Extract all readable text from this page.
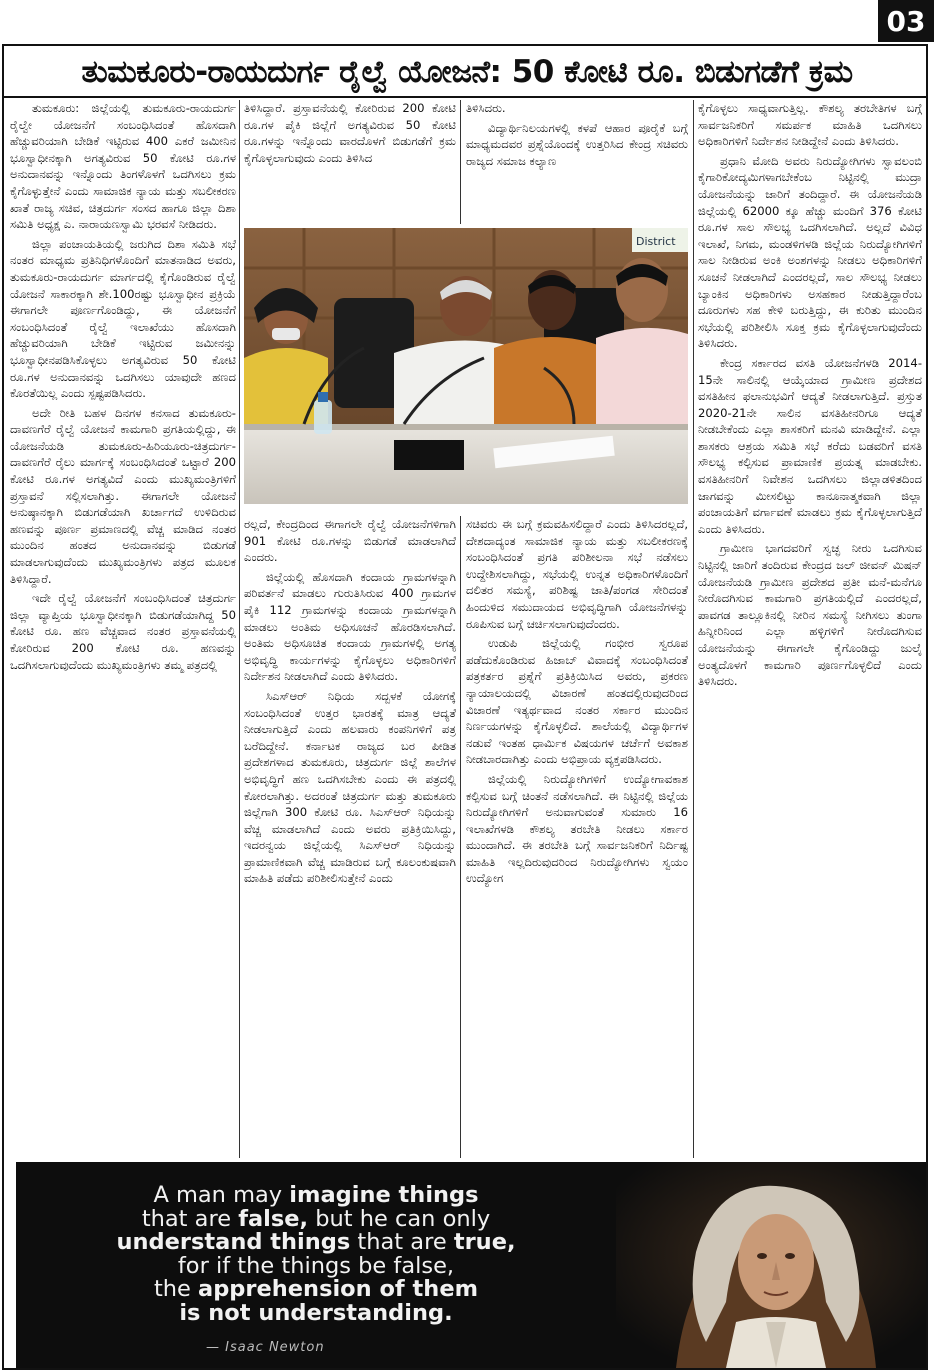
03
ತುಮಕೂರು-ರಾಯದುರ್ಗ ರೈಲ್ವೆ ಯೋಜನೆ: 50 ಕೋಟಿ ರೂ. ಬಿಡುಗಡೆಗೆ ಕ್ರಮ

ತುಮಕೂರು: ಜಿಲ್ಲೆಯಲ್ಲಿ ತುಮಕೂರು-ರಾಯದುರ್ಗ ರೈಲ್ವೇ ಯೋಜನೆಗೆ ಸಂಬಂಧಿಸಿದಂತೆ ಹೊಸದಾಗಿ ಹೆಚ್ಚುವರಿಯಾಗಿ ಬೇಡಿಕೆ ಇಟ್ಟಿರುವ 400 ಎಕರೆ ಜಮೀನಿನ ಭೂಸ್ವಾಧೀನಕ್ಕಾಗಿ ಅಗತ್ಯವಿರುವ 50 ಕೋಟಿ ರೂ.ಗಳ ಅನುದಾನವನ್ನು ಇನ್ನೊಂದು ತಿಂಗಳೊಳಗೆ ಒದಗಿಸಲು ಕ್ರಮ ಕೈಗೊಳ್ಳುತ್ತೇನೆ ಎಂದು ಸಾಮಾಜಿಕ ನ್ಯಾಯ ಮತ್ತು ಸಬಲೀಕರಣ ಖಾತೆ ರಾಜ್ಯ ಸಚಿವ, ಚಿತ್ರದುರ್ಗ ಸಂಸದ ಹಾಗೂ ಜಿಲ್ಲಾ ದಿಶಾ ಸಮಿತಿ ಅಧ್ಯಕ್ಷ ಎ. ನಾರಾಯಣಸ್ವಾಮಿ ಭರವಸೆ ನೀಡಿದರು.

ಜಿಲ್ಲಾ ಪಂಚಾಯತಿಯಲ್ಲಿ ಜರುಗಿದ ದಿಶಾ ಸಮಿತಿ ಸಭೆ ನಂತರ ಮಾಧ್ಯಮ ಪ್ರತಿನಿಧಿಗಳೊಂದಿಗೆ ಮಾತನಾಡಿದ ಅವರು, ತುಮಕೂರು-ರಾಯದುರ್ಗ ಮಾರ್ಗದಲ್ಲಿ ಕೈಗೊಂಡಿರುವ ರೈಲ್ವೆ ಯೋಜನೆ ಸಾಕಾರಕ್ಕಾಗಿ ಶೇ.100ರಷ್ಟು ಭೂಸ್ವಾಧೀನ ಪ್ರಕ್ರಿಯೆ ಈಗಾಗಲೇ ಪೂರ್ಣಗೊಂಡಿದ್ದು, ಈ ಯೋಜನೆಗೆ ಸಂಬಂಧಿಸಿದಂತೆ ರೈಲ್ವೆ ಇಲಾಖೆಯು ಹೊಸದಾಗಿ ಹೆಚ್ಚುವರಿಯಾಗಿ ಬೇಡಿಕೆ ಇಟ್ಟಿರುವ ಜಮೀನನ್ನು ಭೂಸ್ವಾಧೀನಪಡಿಸಿಕೊಳ್ಳಲು ಅಗತ್ಯವಿರುವ 50 ಕೋಟಿ ರೂ.ಗಳ ಅನುದಾನವನ್ನು ಒದಗಿಸಲು ಯಾವುದೇ ಹಣದ ಕೊರತೆಯಿಲ್ಲ ಎಂದು ಸ್ಪಷ್ಟಪಡಿಸಿದರು.

ಅದೇ ರೀತಿ ಬಹಳ ದಿನಗಳ ಕನಸಾದ ತುಮಕೂರು-ದಾವಣಗೆರೆ ರೈಲ್ವೆ ಯೋಜನೆ ಕಾಮಗಾರಿ ಪ್ರಗತಿಯಲ್ಲಿದ್ದು, ಈ ಯೋಜನೆಯಡಿ ತುಮಕೂರು-ಹಿರಿಯೂರು-ಚಿತ್ರದುರ್ಗ-ದಾವಣಗೆರೆ ರೈಲು ಮಾರ್ಗಕ್ಕೆ ಸಂಬಂಧಿಸಿದಂತೆ ಒಟ್ಟಾರೆ 200 ಕೋಟಿ ರೂ.ಗಳ ಅಗತ್ಯವಿದೆ ಎಂದು ಮುಖ್ಯಮಂತ್ರಿಗಳಿಗೆ ಪ್ರಸ್ತಾವನೆ ಸಲ್ಲಿಸಲಾಗಿತ್ತು. ಈಗಾಗಲೇ ಯೋಜನೆ ಅನುಷ್ಠಾನಕ್ಕಾಗಿ ಬಿಡುಗಡೆಯಾಗಿ ಖರ್ಚಾಗದೆ ಉಳಿದಿರುವ ಹಣವನ್ನು ಪೂರ್ಣ ಪ್ರಮಾಣದಲ್ಲಿ ವೆಚ್ಚ ಮಾಡಿದ ನಂತರ ಮುಂದಿನ ಹಂತದ ಅನುದಾನವನ್ನು ಬಿಡುಗಡೆ ಮಾಡಲಾಗುವುದೆಂದು ಮುಖ್ಯಮಂತ್ರಿಗಳು ಪತ್ರದ ಮೂಲಕ ತಿಳಿಸಿದ್ದಾರೆ.

ಇದೇ ರೈಲ್ವೆ ಯೋಜನೆಗೆ ಸಂಬಂಧಿಸಿದಂತೆ ಚಿತ್ರದುರ್ಗ ಜಿಲ್ಲಾ ವ್ಯಾಪ್ತಿಯ ಭೂಸ್ವಾಧೀನಕ್ಕಾಗಿ ಬಿಡುಗಡೆಯಾಗಿದ್ದ 50 ಕೋಟಿ ರೂ. ಹಣ ವೆಚ್ಚವಾದ ನಂತರ ಪ್ರಸ್ತಾವನೆಯಲ್ಲಿ ಕೋರಿರುವ 200 ಕೋಟಿ ರೂ. ಹಣವನ್ನು ಒದಗಿಸಲಾಗುವುದೆಂದು ಮುಖ್ಯಮಂತ್ರಿಗಳು ತಮ್ಮ ಪತ್ರದಲ್ಲಿ

ತಿಳಿಸಿದ್ದಾರೆ. ಪ್ರಸ್ತಾವನೆಯಲ್ಲಿ ಕೋರಿರುವ 200 ಕೋಟಿ ರೂ.ಗಳ ಪೈಕಿ ಜಿಲ್ಲೆಗೆ ಅಗತ್ಯವಿರುವ 50 ಕೋಟಿ ರೂ.ಗಳನ್ನು ಇನ್ನೊಂದು ವಾರದೊಳಗೆ ಬಿಡುಗಡೆಗೆ ಕ್ರಮ ಕೈಗೊಳ್ಳಲಾಗುವುದು ಎಂದು ತಿಳಿಸಿದ

ತಿಳಿಸಿದರು.

ವಿದ್ಯಾರ್ಥಿನಿಲಯಗಳಲ್ಲಿ ಕಳಪೆ ಆಹಾರ ಪೂರೈಕೆ ಬಗ್ಗೆ ಮಾಧ್ಯಮದವರ ಪ್ರಶ್ನೆಯೊಂದಕ್ಕೆ ಉತ್ತರಿಸಿದ ಕೇಂದ್ರ ಸಚಿವರು ರಾಜ್ಯದ ಸಮಾಜ ಕಲ್ಯಾಣ

District

ರಲ್ಲದೆ, ಕೇಂದ್ರದಿಂದ ಈಗಾಗಲೇ ರೈಲ್ವೆ ಯೋಜನೆಗಳಿಗಾಗಿ 901 ಕೋಟಿ ರೂ.ಗಳನ್ನು ಬಿಡುಗಡೆ ಮಾಡಲಾಗಿದೆ ಎಂದರು.

ಜಿಲ್ಲೆಯಲ್ಲಿ ಹೊಸದಾಗಿ ಕಂದಾಯ ಗ್ರಾಮಗಳನ್ನಾಗಿ ಪರಿವರ್ತನೆ ಮಾಡಲು ಗುರುತಿಸಿರುವ 400 ಗ್ರಾಮಗಳ ಪೈಕಿ 112 ಗ್ರಾಮಗಳನ್ನು ಕಂದಾಯ ಗ್ರಾಮಗಳನ್ನಾಗಿ ಮಾಡಲು ಅಂತಿಮ ಅಧಿಸೂಚನೆ ಹೊರಡಿಸಲಾಗಿದೆ. ಅಂತಿಮ ಅಧಿಸೂಚಿತ ಕಂದಾಯ ಗ್ರಾಮಗಳಲ್ಲಿ ಅಗತ್ಯ ಅಭಿವೃದ್ಧಿ ಕಾರ್ಯಗಳನ್ನು ಕೈಗೊಳ್ಳಲು ಅಧಿಕಾರಿಗಳಿಗೆ ನಿರ್ದೇಶನ ನೀಡಲಾಗಿದೆ ಎಂದು ತಿಳಿಸಿದರು.

ಸಿಎಸ್‌ಆರ್ ನಿಧಿಯ ಸದ್ಬಳಕೆ ಯೋಗಕ್ಕೆ ಸಂಬಂಧಿಸಿದಂತೆ ಉತ್ತರ ಭಾರತಕ್ಕೆ ಮಾತ್ರ ಆದ್ಯತೆ ನೀಡಲಾಗುತ್ತಿದೆ ಎಂದು ಹಲವಾರು ಕಂಪನಿಗಳಿಗೆ ಪತ್ರ ಬರೆದಿದ್ದೇನೆ. ಕರ್ನಾಟಕ ರಾಜ್ಯದ ಬರ ಪೀಡಿತ ಪ್ರದೇಶಗಳಾದ ತುಮಕೂರು, ಚಿತ್ರದುರ್ಗ ಜಿಲ್ಲೆ ಶಾಲೆಗಳ ಅಭಿವೃದ್ಧಿಗೆ ಹಣ ಒದಗಿಸಬೇಕು ಎಂದು ಈ ಪತ್ರದಲ್ಲಿ ಕೋರಲಾಗಿತ್ತು. ಅದರಂತೆ ಚಿತ್ರದುರ್ಗ ಮತ್ತು ತುಮಕೂರು ಜಿಲ್ಲೆಗಾಗಿ 300 ಕೋಟಿ ರೂ. ಸಿಎಸ್‌ಆರ್ ನಿಧಿಯನ್ನು ವೆಚ್ಚ ಮಾಡಲಾಗಿದೆ ಎಂದು ಅವರು ಪ್ರತಿಕ್ರಿಯಿಸಿದ್ದು, ಇದರನ್ವಯ ಜಿಲ್ಲೆಯಲ್ಲಿ ಸಿಎಸ್‌ಆರ್ ನಿಧಿಯನ್ನು ಪ್ರಾಮಾಣಿಕವಾಗಿ ವೆಚ್ಚ ಮಾಡಿರುವ ಬಗ್ಗೆ ಕೂಲಂಕುಷವಾಗಿ ಮಾಹಿತಿ ಪಡೆದು ಪರಿಶೀಲಿಸುತ್ತೇನೆ ಎಂದು

ಸಚಿವರು ಈ ಬಗ್ಗೆ ಕ್ರಮವಹಿಸಲಿದ್ದಾರೆ ಎಂದು ತಿಳಿಸಿದರಲ್ಲದೆ, ದೇಶದಾದ್ಯಂತ ಸಾಮಾಜಿಕ ನ್ಯಾಯ ಮತ್ತು ಸಬಲೀಕರಣಕ್ಕೆ ಸಂಬಂಧಿಸಿದಂತೆ ಪ್ರಗತಿ ಪರಿಶೀಲನಾ ಸಭೆ ನಡೆಸಲು ಉದ್ದೇಶಿಸಲಾಗಿದ್ದು, ಸಭೆಯಲ್ಲಿ ಉನ್ನತ ಅಧಿಕಾರಿಗಳೊಂದಿಗೆ ದಲಿತರ ಸಮಸ್ಯೆ, ಪರಿಶಿಷ್ಟ ಜಾತಿ/ಪಂಗಡ ಸೇರಿದಂತೆ ಹಿಂದುಳಿದ ಸಮುದಾಯದ ಅಭಿವೃದ್ಧಿಗಾಗಿ ಯೋಜನೆಗಳನ್ನು ರೂಪಿಸುವ ಬಗ್ಗೆ ಚರ್ಚಿಸಲಾಗುವುದೆಂದರು.

ಉಡುಪಿ ಜಿಲ್ಲೆಯಲ್ಲಿ ಗಂಭೀರ ಸ್ವರೂಪ ಪಡೆದುಕೊಂಡಿರುವ ಹಿಜಾಬ್ ವಿವಾದಕ್ಕೆ ಸಂಬಂಧಿಸಿದಂತೆ ಪತ್ರಕರ್ತರ ಪ್ರಶ್ನೆಗೆ ಪ್ರತಿಕ್ರಿಯಿಸಿದ ಅವರು, ಪ್ರಕರಣ ನ್ಯಾಯಾಲಯದಲ್ಲಿ ವಿಚಾರಣೆ ಹಂತದಲ್ಲಿರುವುದರಿಂದ ವಿಚಾರಣೆ ಇತ್ಯರ್ಥವಾದ ನಂತರ ಸರ್ಕಾರ ಮುಂದಿನ ನಿರ್ಣಯಗಳನ್ನು ಕೈಗೊಳ್ಳಲಿದೆ. ಶಾಲೆಯಲ್ಲಿ ವಿದ್ಯಾರ್ಥಿಗಳ ನಡುವೆ ಇಂತಹ ಧಾರ್ಮಿಕ ವಿಷಯಗಳ ಚರ್ಚೆಗೆ ಅವಕಾಶ ನೀಡಬಾರದಾಗಿತ್ತು ಎಂದು ಅಭಿಪ್ರಾಯ ವ್ಯಕ್ತಪಡಿಸಿದರು.

ಜಿಲ್ಲೆಯಲ್ಲಿ ನಿರುದ್ಯೋಗಿಗಳಿಗೆ ಉದ್ಯೋಗಾವಕಾಶ ಕಲ್ಪಿಸುವ ಬಗ್ಗೆ ಚಿಂತನೆ ನಡೆಸಲಾಗಿದೆ. ಈ ನಿಟ್ಟಿನಲ್ಲಿ ಜಿಲ್ಲೆಯ ನಿರುದ್ಯೋಗಿಗಳಿಗೆ ಅನುವಾಗುವಂತೆ ಸುಮಾರು 16 ಇಲಾಖೆಗಳಡಿ ಕೌಶಲ್ಯ ತರಬೇತಿ ನೀಡಲು ಸರ್ಕಾರ ಮುಂದಾಗಿದೆ. ಈ ತರಬೇತಿ ಬಗ್ಗೆ ಸಾರ್ವಜನಿಕರಿಗೆ ನಿರ್ದಿಷ್ಟ ಮಾಹಿತಿ ಇಲ್ಲದಿರುವುದರಿಂದ ನಿರುದ್ಯೋಗಿಗಳು ಸ್ವಯಂ ಉದ್ಯೋಗ

ಕೈಗೊಳ್ಳಲು ಸಾಧ್ಯವಾಗುತ್ತಿಲ್ಲ. ಕೌಶಲ್ಯ ತರಬೇತಿಗಳ ಬಗ್ಗೆ ಸಾರ್ವಜನಿಕರಿಗೆ ಸಮರ್ಪಕ ಮಾಹಿತಿ ಒದಗಿಸಲು ಅಧಿಕಾರಿಗಳಿಗೆ ನಿರ್ದೇಶನ ನೀಡಿದ್ದೇನೆ ಎಂದು ತಿಳಿಸಿದರು.

ಪ್ರಧಾನಿ ಮೋದಿ ಅವರು ನಿರುದ್ಯೋಗಿಗಳು ಸ್ವಾವಲಂಬಿ ಕೈಗಾರಿಕೋದ್ಯಮಿಗಳಾಗಬೇಕೆಂಬ ನಿಟ್ಟಿನಲ್ಲಿ ಮುದ್ರಾ ಯೋಜನೆಯನ್ನು ಜಾರಿಗೆ ತಂದಿದ್ದಾರೆ. ಈ ಯೋಜನೆಯಡಿ ಜಿಲ್ಲೆಯಲ್ಲಿ 62000 ಕ್ಕೂ ಹೆಚ್ಚು ಮಂದಿಗೆ 376 ಕೋಟಿ ರೂ.ಗಳ ಸಾಲ ಸೌಲಭ್ಯ ಒದಗಿಸಲಾಗಿದೆ. ಅಲ್ಲದೆ ವಿವಿಧ ಇಲಾಖೆ, ನಿಗಮ, ಮಂಡಳಿಗಳಡಿ ಜಿಲ್ಲೆಯ ನಿರುದ್ಯೋಗಿಗಳಿಗೆ ಸಾಲ ನೀಡಿರುವ ಅಂಕಿ ಅಂಶಗಳನ್ನು ನೀಡಲು ಅಧಿಕಾರಿಗಳಿಗೆ ಸೂಚನೆ ನೀಡಲಾಗಿದೆ ಎಂದರಲ್ಲದೆ, ಸಾಲ ಸೌಲಭ್ಯ ನೀಡಲು ಬ್ಯಾಂಕಿನ ಅಧಿಕಾರಿಗಳು ಅಸಹಕಾರ ನೀಡುತ್ತಿದ್ದಾರೆಂಬ ದೂರುಗಳು ಸಹ ಕೇಳಿ ಬರುತ್ತಿದ್ದು, ಈ ಕುರಿತು ಮುಂದಿನ ಸಭೆಯಲ್ಲಿ ಪರಿಶೀಲಿಸಿ ಸೂಕ್ತ ಕ್ರಮ ಕೈಗೊಳ್ಳಲಾಗುವುದೆಂದು ತಿಳಿಸಿದರು.

ಕೇಂದ್ರ ಸರ್ಕಾರದ ವಸತಿ ಯೋಜನೆಗಳಡಿ 2014-15ನೇ ಸಾಲಿನಲ್ಲಿ ಆಯ್ಕೆಯಾದ ಗ್ರಾಮೀಣ ಪ್ರದೇಶದ ವಸತಿಹೀನ ಫಲಾನುಭವಿಗೆ ಆದ್ಯತೆ ನೀಡಲಾಗುತ್ತಿದೆ. ಪ್ರಸ್ತುತ 2020-21ನೇ ಸಾಲಿನ ವಸತಿಹೀನರಿಗೂ ಆದ್ಯತೆ ನೀಡಬೇಕೆಂದು ಎಲ್ಲಾ ಶಾಸಕರಿಗೆ ಮನವಿ ಮಾಡಿದ್ದೇನೆ. ಎಲ್ಲಾ ಶಾಸಕರು ಆಶ್ರಯ ಸಮಿತಿ ಸಭೆ ಕರೆದು ಬಡವರಿಗೆ ವಸತಿ ಸೌಲಭ್ಯ ಕಲ್ಪಿಸುವ ಪ್ರಾಮಾಣಿಕ ಪ್ರಯತ್ನ ಮಾಡಬೇಕು. ವಸತಿಹೀನರಿಗೆ ನಿವೇಶನ ಒದಗಿಸಲು ಜಿಲ್ಲಾಡಳಿತದಿಂದ ಜಾಗವನ್ನು ಮೀಸಲಿಟ್ಟು ಕಾನೂನಾತ್ಮಕವಾಗಿ ಜಿಲ್ಲಾ ಪಂಚಾಯತಿಗೆ ವರ್ಗಾವಣೆ ಮಾಡಲು ಕ್ರಮ ಕೈಗೊಳ್ಳಲಾಗುತ್ತಿದೆ ಎಂದು ತಿಳಿಸಿದರು.

ಗ್ರಾಮೀಣ ಭಾಗದವರಿಗೆ ಸ್ವಚ್ಛ ನೀರು ಒದಗಿಸುವ ನಿಟ್ಟಿನಲ್ಲಿ ಜಾರಿಗೆ ತಂದಿರುವ ಕೇಂದ್ರದ ಜಲ್ ಜೀವನ್ ಮಿಷನ್ ಯೋಜನೆಯಡಿ ಗ್ರಾಮೀಣ ಪ್ರದೇಶದ ಪ್ರತೀ ಮನೆ-ಮನೆಗೂ ನೀರೊದಗಿಸುವ ಕಾಮಗಾರಿ ಪ್ರಗತಿಯಲ್ಲಿದೆ ಎಂದರಲ್ಲದೆ, ಪಾವಗಡ ತಾಲ್ಲೂಕಿನಲ್ಲಿ ನೀರಿನ ಸಮಸ್ಯೆ ನೀಗಿಸಲು ತುಂಗಾ ಹಿನ್ನೀರಿನಿಂದ ಎಲ್ಲಾ ಹಳ್ಳಿಗಳಿಗೆ ನೀರೊದಗಿಸುವ ಯೋಜನೆಯನ್ನು ಈಗಾಗಲೇ ಕೈಗೊಂಡಿದ್ದು ಜುಲೈ ಅಂತ್ಯದೊಳಗೆ ಕಾಮಗಾರಿ ಪೂರ್ಣಗೊಳ್ಳಲಿದೆ ಎಂದು ತಿಳಿಸಿದರು.

A man may imagine things
that are false, but he can only
understand things that are true,
for if the things be false,
the apprehension of them
is not understanding.
— Isaac Newton
